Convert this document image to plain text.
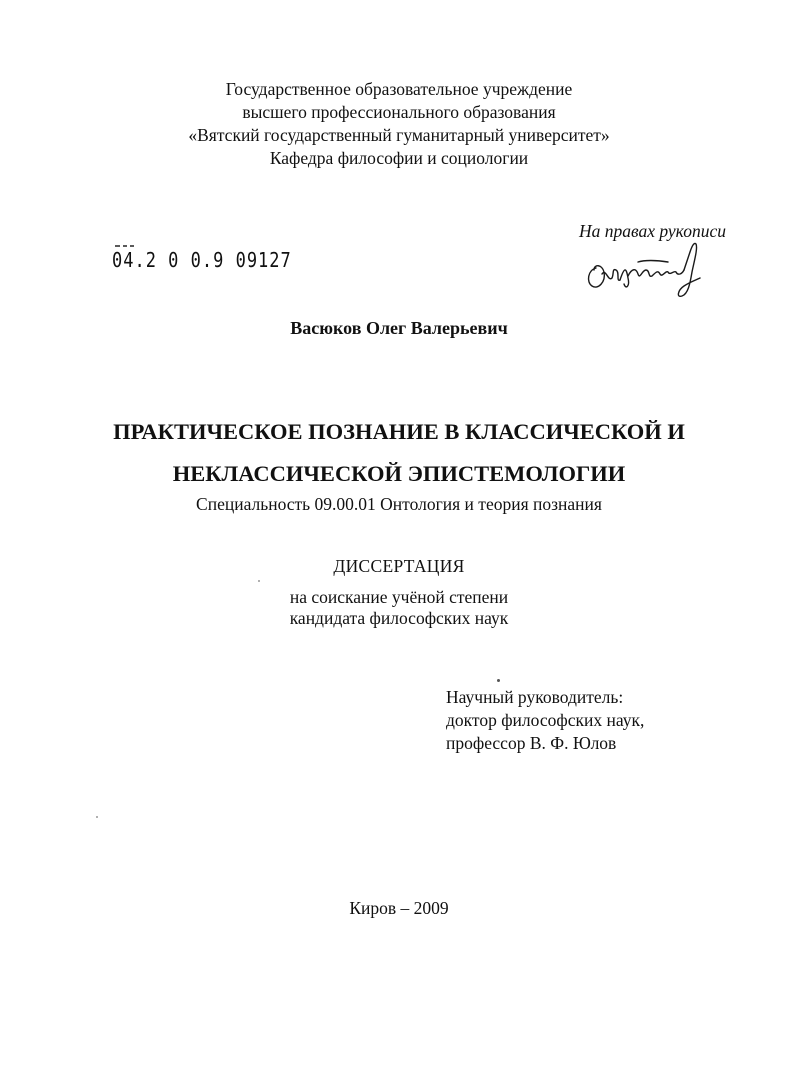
Государственное образовательное учреждение
высшего профессионального образования
«Вятский государственный гуманитарный университет»
Кафедра философии и социологии
На правах рукописи
04.2 0 0.9 09127
Васюков Олег Валерьевич
ПРАКТИЧЕСКОЕ ПОЗНАНИЕ В КЛАССИЧЕСКОЙ И
НЕКЛАССИЧЕСКОЙ ЭПИСТЕМОЛОГИИ
Специальность 09.00.01 Онтология и теория познания
ДИССЕРТАЦИЯ
на соискание учёной степени
кандидата философских наук
Научный руководитель:
доктор философских наук,
профессор В. Ф. Юлов
Киров – 2009
